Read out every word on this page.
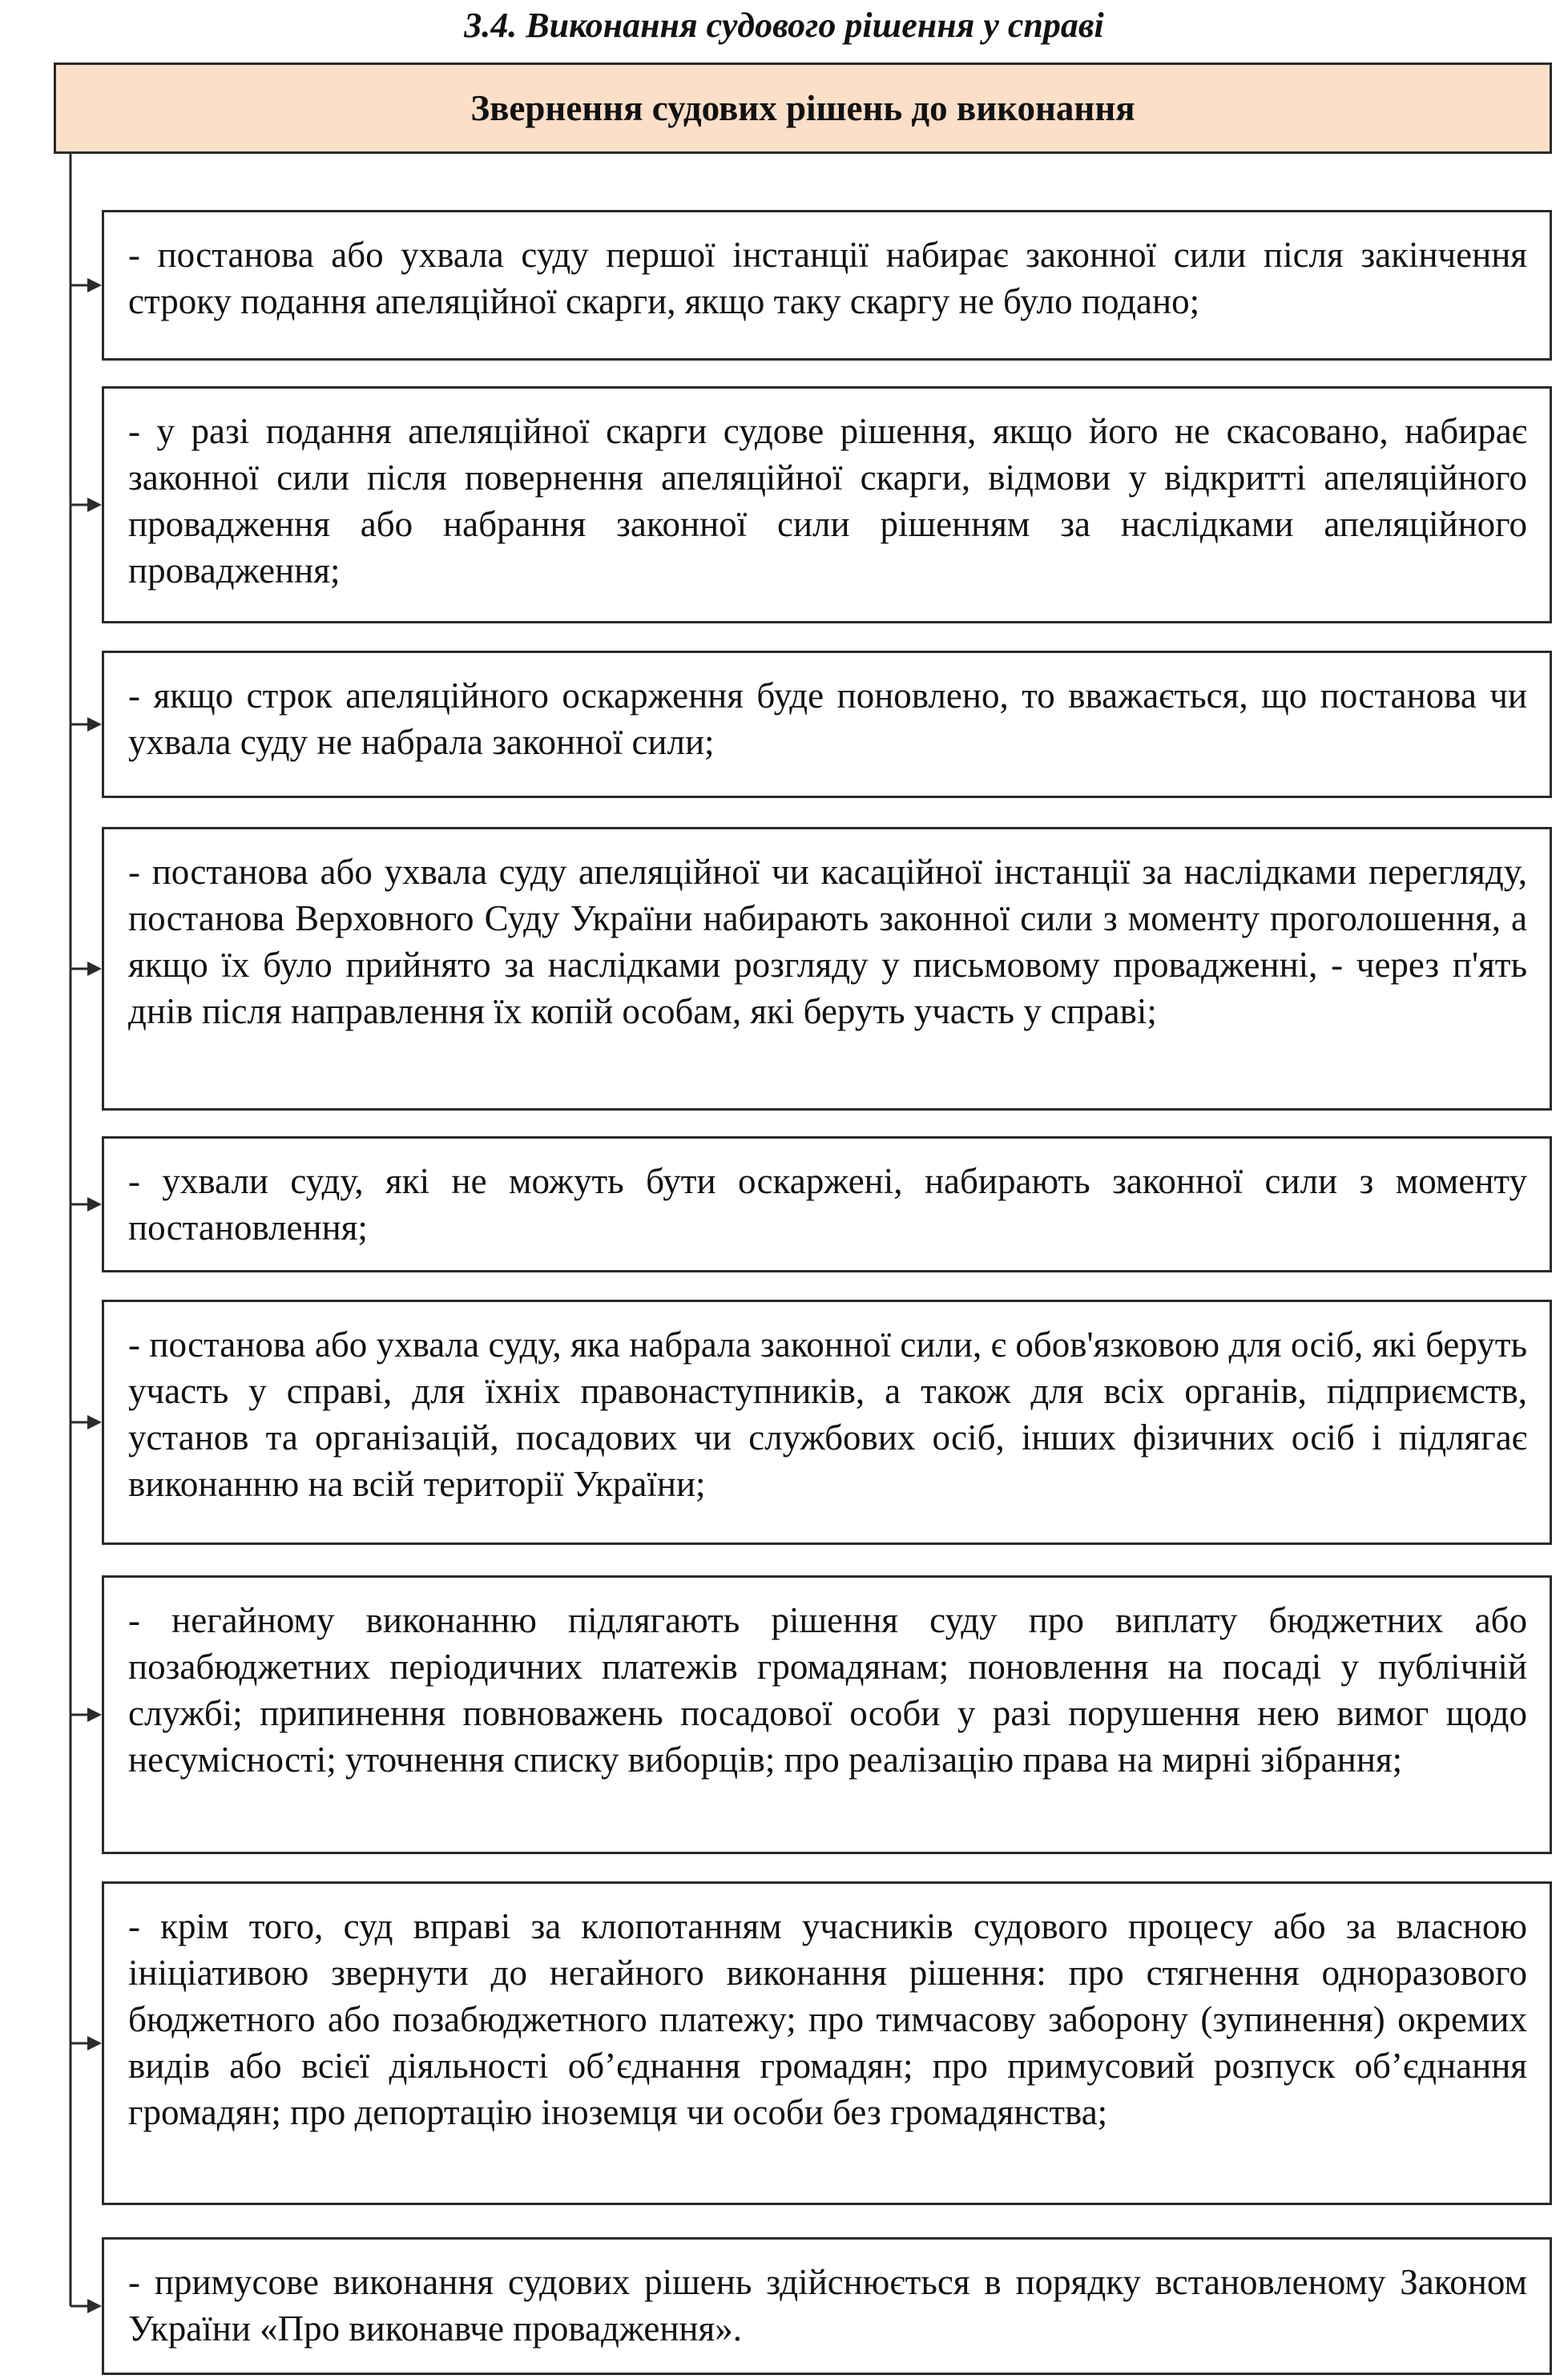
3.4. Виконання судового рішення у справі
Звернення судових рішень до виконання
- постанова або ухвала суду першої інстанції набирає законної сили після закінчення строку подання апеляційної скарги, якщо таку скаргу не було подано;
- у разі подання апеляційної скарги судове рішення, якщо його не скасовано, набирає законної сили після повернення апеляційної скарги, відмови у відкритті апеляційного провадження або набрання законної сили рішенням за наслідками апеляційного провадження;
- якщо строк апеляційного оскарження буде поновлено, то вважається, що постанова чи ухвала суду не набрала законної сили;
- постанова або ухвала суду апеляційної чи касаційної інстанції за наслідками перегляду, постанова Верховного Суду України набирають законної сили з моменту проголошення, а якщо їх було прийнято за наслідками розгляду у письмовому провадженні, - через п'ять днів після направлення їх копій особам, які беруть участь у справі;
- ухвали суду, які не можуть бути оскаржені, набирають законної сили з моменту постановлення;
- постанова або ухвала суду, яка набрала законної сили, є обов'язковою для осіб, які беруть участь у справі, для їхніх правонаступників, а також для всіх органів, підприємств, установ та організацій, посадових чи службових осіб, інших фізичних осіб і підлягає виконанню на всій території України;
- негайному виконанню підлягають рішення суду про виплату бюджетних або позабюджетних періодичних платежів громадянам; поновлення на посаді у публічній службі; припинення повноважень посадової особи у разі порушення нею вимог щодо несумісності; уточнення списку виборців; про реалізацію права на мирні зібрання;
- крім того, суд вправі за клопотанням учасників судового процесу або за власною ініціативою звернути до негайного виконання рішення: про стягнення одноразового бюджетного або позабюджетного платежу; про тимчасову заборону (зупинення) окремих видів або всієї діяльності об’єднання громадян; про примусовий розпуск об’єднання громадян; про депортацію іноземця чи особи без громадянства;
- примусове виконання судових рішень здійснюється в порядку встановленому Законом України «Про виконавче провадження».
